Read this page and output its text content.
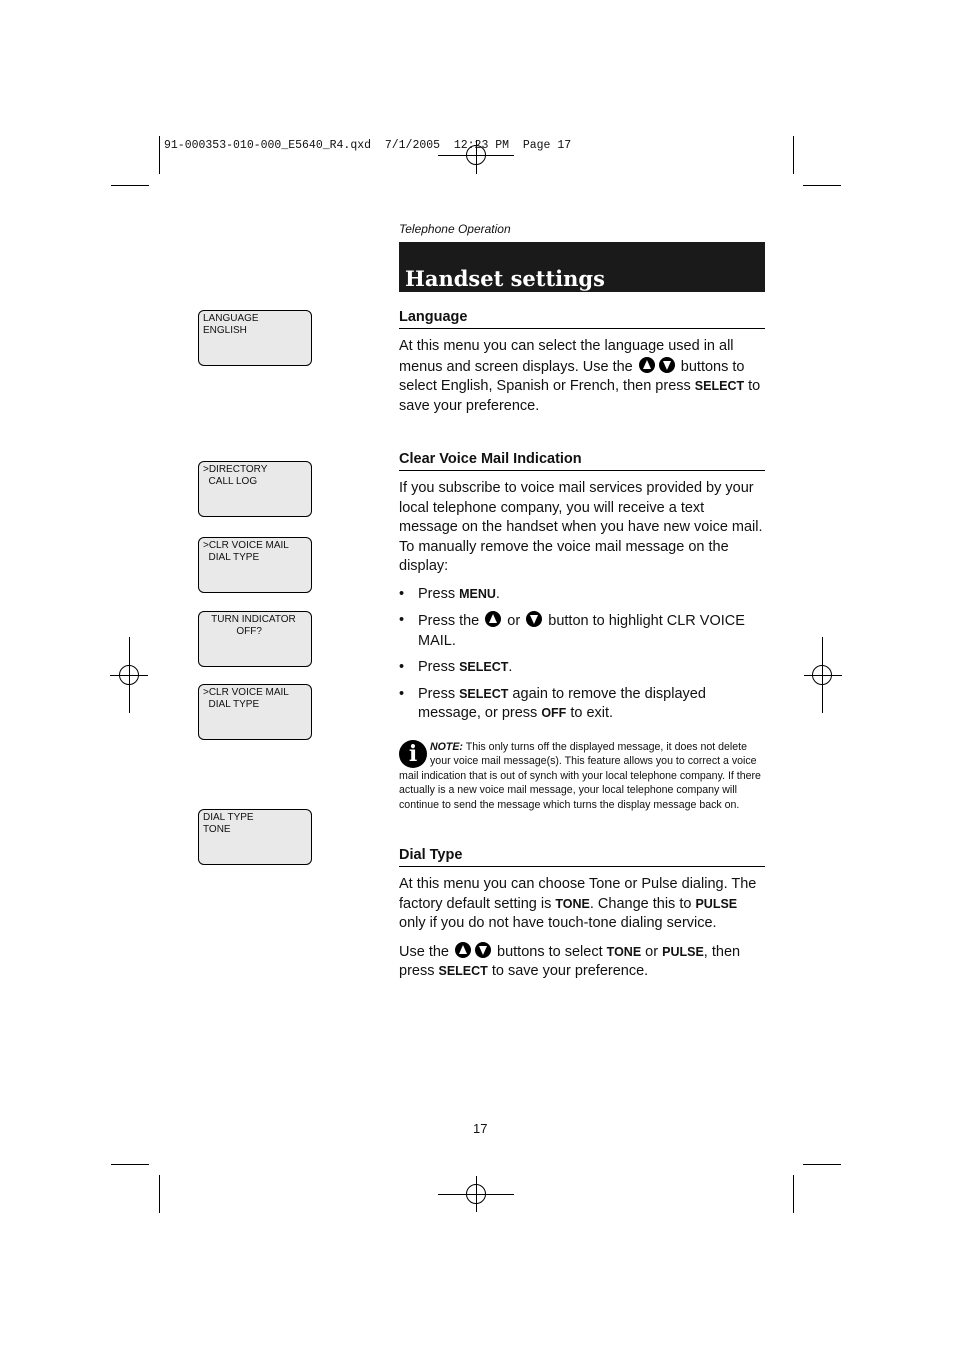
91-000353-010-000_E5640_R4.qxd  7/1/2005  12:23 PM  Page 17
LANGUAGE
ENGLISH
>DIRECTORY
CALL LOG
>CLR VOICE MAIL
DIAL TYPE
TURN INDICATOR
OFF?
>CLR VOICE MAIL
DIAL TYPE
DIAL TYPE
TONE
Telephone Operation
Handset settings
Language
At this menu you can select the language used in all menus and screen displays. Use the	buttons to select English, Spanish or French, then press SELECT to save your preference.
Clear Voice Mail Indication
If you subscribe to voice mail services provided by your local telephone company, you will receive a text message on the handset when you have new voice mail. To manually remove the voice mail message on the display:
• Press MENU.
• Press the  or  button to highlight CLR VOICE MAIL.
• Press SELECT.
• Press SELECT again to remove the displayed message, or press OFF to exit.
i	NOTE: This only turns off the displayed message, it does not delete your voice mail message(s). This feature allows you to correct a voice mail indication that is out of synch with your local telephone company. If there actually is a new voice mail message, your local telephone company will continue to send the message which turns the display message back on.
Dial Type
At this menu you can choose Tone or Pulse dialing. The factory default setting is TONE. Change this to PULSE only if you do not have touch-tone dialing service.
Use the	buttons to select TONE or PULSE, then press SELECT to save your preference.
17
